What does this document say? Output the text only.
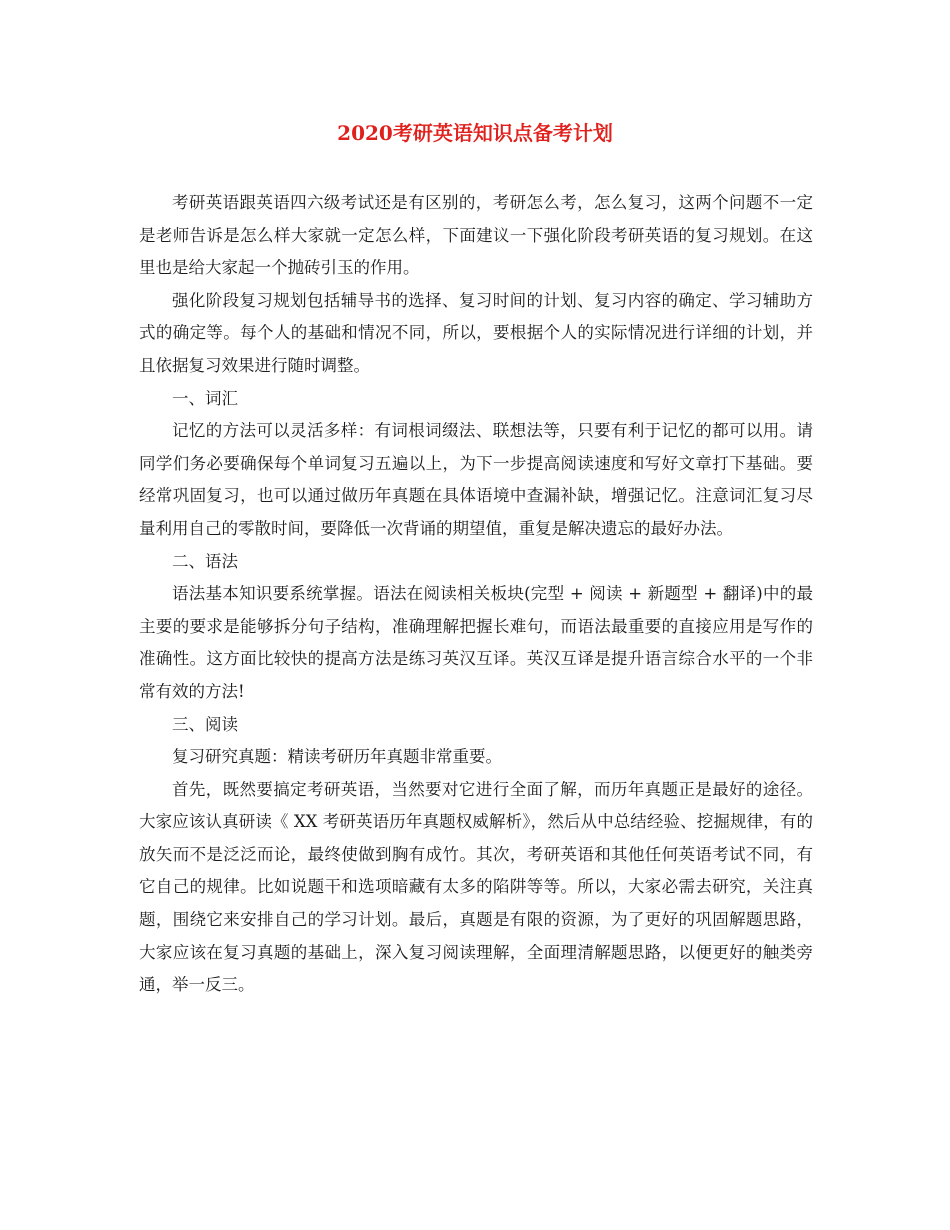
2020考研英语知识点备考计划

考研英语跟英语四六级考试还是有区别的，考研怎么考，怎么复习，这两个问题不一定是老师告诉是怎么样大家就一定怎么样，下面建议一下强化阶段考研英语的复习规划。在这里也是给大家起一个抛砖引玉的作用。

强化阶段复习规划包括辅导书的选择、复习时间的计划、复习内容的确定、学习辅助方式的确定等。每个人的基础和情况不同，所以，要根据个人的实际情况进行详细的计划，并且依据复习效果进行随时调整。

一、词汇

记忆的方法可以灵活多样：有词根词缀法、联想法等，只要有利于记忆的都可以用。请同学们务必要确保每个单词复习五遍以上，为下一步提高阅读速度和写好文章打下基础。要经常巩固复习，也可以通过做历年真题在具体语境中查漏补缺，增强记忆。注意词汇复习尽量利用自己的零散时间，要降低一次背诵的期望值，重复是解决遗忘的最好办法。

二、语法

语法基本知识要系统掌握。语法在阅读相关板块(完型 + 阅读 + 新题型 + 翻译)中的最主要的要求是能够拆分句子结构，准确理解把握长难句，而语法最重要的直接应用是写作的准确性。这方面比较快的提高方法是练习英汉互译。英汉互译是提升语言综合水平的一个非常有效的方法!

三、阅读

复习研究真题：精读考研历年真题非常重要。

首先，既然要搞定考研英语，当然要对它进行全面了解，而历年真题正是最好的途径。大家应该认真研读《 XX 考研英语历年真题权威解析》，然后从中总结经验、挖掘规律，有的放矢而不是泛泛而论，最终使做到胸有成竹。其次，考研英语和其他任何英语考试不同，有它自己的规律。比如说题干和选项暗藏有太多的陷阱等等。所以，大家必需去研究，关注真题，围绕它来安排自己的学习计划。最后，真题是有限的资源，为了更好的巩固解题思路，大家应该在复习真题的基础上，深入复习阅读理解，全面理清解题思路，以便更好的触类旁通，举一反三。
